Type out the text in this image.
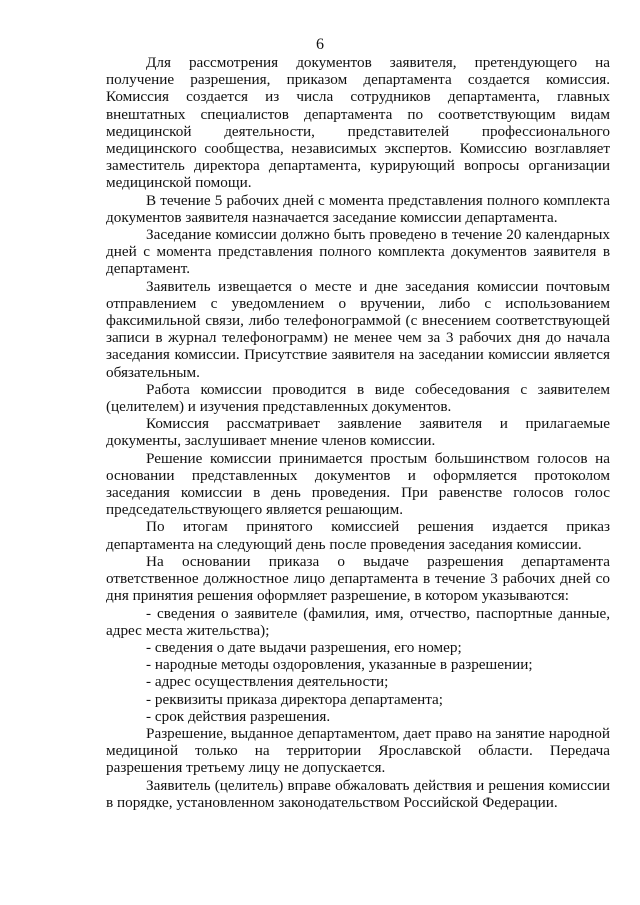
6

Для рассмотрения документов заявителя, претендующего на получение разрешения, приказом департамента создается комиссия. Комиссия создается из числа сотрудников департамента, главных внештатных специалистов департамента по соответствующим видам медицинской деятельности, представителей профессионального медицинского сообщества, независимых экспертов. Комиссию возглавляет заместитель директора департамента, курирующий вопросы организации медицинской помощи.

В течение 5 рабочих дней с момента представления полного комплекта документов заявителя назначается заседание комиссии департамента.

Заседание комиссии должно быть проведено в течение 20 календарных дней с момента представления полного комплекта документов заявителя в департамент.

Заявитель извещается о месте и дне заседания комиссии почтовым отправлением с уведомлением о вручении, либо с использованием факсимильной связи, либо телефонограммой (с внесением соответствующей записи в журнал телефонограмм) не менее чем за 3 рабочих дня до начала заседания комиссии. Присутствие заявителя на заседании комиссии является обязательным.

Работа комиссии проводится в виде собеседования с заявителем (целителем) и изучения представленных документов.

Комиссия рассматривает заявление заявителя и прилагаемые документы, заслушивает мнение членов комиссии.

Решение комиссии принимается простым большинством голосов на основании представленных документов и оформляется протоколом заседания комиссии в день проведения. При равенстве голосов голос председательствующего является решающим.

По итогам принятого комиссией решения издается приказ департамента на следующий день после проведения заседания комиссии.

На основании приказа о выдаче разрешения департамента ответственное должностное лицо департамента в течение 3 рабочих дней со дня принятия решения оформляет разрешение, в котором указываются:

- сведения о заявителе (фамилия, имя, отчество, паспортные данные, адрес места жительства);

- сведения о дате выдачи разрешения, его номер;

- народные методы оздоровления, указанные в разрешении;

- адрес осуществления деятельности;

- реквизиты приказа директора департамента;

- срок действия разрешения.

Разрешение, выданное департаментом, дает право на занятие народной медициной только на территории Ярославской области. Передача разрешения третьему лицу не допускается.

Заявитель (целитель) вправе обжаловать действия и решения комиссии в порядке, установленном законодательством Российской Федерации.
